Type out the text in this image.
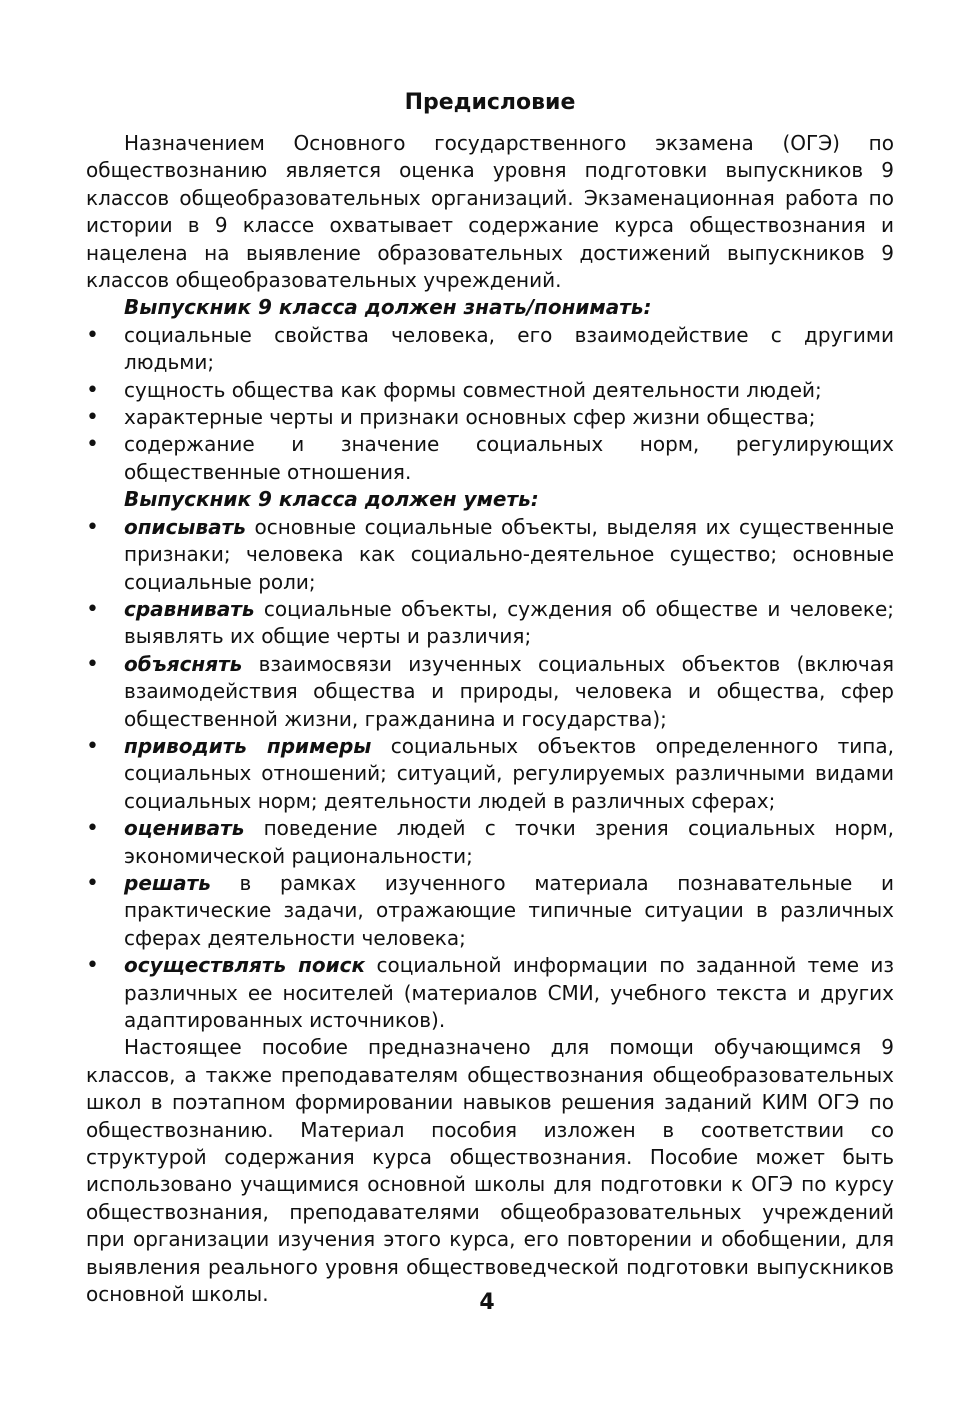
Предисловие

Назначением Основного государственного экзамена (ОГЭ) по обществознанию является оценка уровня подготовки выпускников 9 классов общеобразовательных организаций. Экзаменационная работа по истории в 9 классе охватывает содержание курса обществознания и нацелена на выявление образовательных достижений выпускников 9 классов общеобразовательных учреждений.

Выпускник 9 класса должен знать/понимать:

• социальные свойства человека, его взаимодействие с другими людьми;
• сущность общества как формы совместной деятельности людей;
• характерные черты и признаки основных сфер жизни общества;
• содержание и значение социальных норм, регулирующих общественные отношения.

Выпускник 9 класса должен уметь:

• описывать основные социальные объекты, выделяя их существенные признаки; человека как социально-деятельное существо; основные социальные роли;
• сравнивать социальные объекты, суждения об обществе и человеке; выявлять их общие черты и различия;
• объяснять взаимосвязи изученных социальных объектов (включая взаимодействия общества и природы, человека и общества, сфер общественной жизни, гражданина и государства);
• приводить примеры социальных объектов определенного типа, социальных отношений; ситуаций, регулируемых различными видами социальных норм; деятельности людей в различных сферах;
• оценивать поведение людей с точки зрения социальных норм, экономической рациональности;
• решать в рамках изученного материала познавательные и практические задачи, отражающие типичные ситуации в различных сферах деятельности человека;
• осуществлять поиск социальной информации по заданной теме из различных ее носителей (материалов СМИ, учебного текста и других адаптированных источников).

Настоящее пособие предназначено для помощи обучающимся 9 классов, а также преподавателям обществознания общеобразовательных школ в поэтапном формировании навыков решения заданий КИМ ОГЭ по обществознанию. Материал пособия изложен в соответствии со структурой содержания курса обществознания. Пособие может быть использовано учащимися основной школы для подготовки к ОГЭ по курсу обществознания, преподавателями общеобразовательных учреждений при организации изучения этого курса, его повторении и обобщении, для выявления реального уровня обществоведческой подготовки выпускников основной школы.	4
